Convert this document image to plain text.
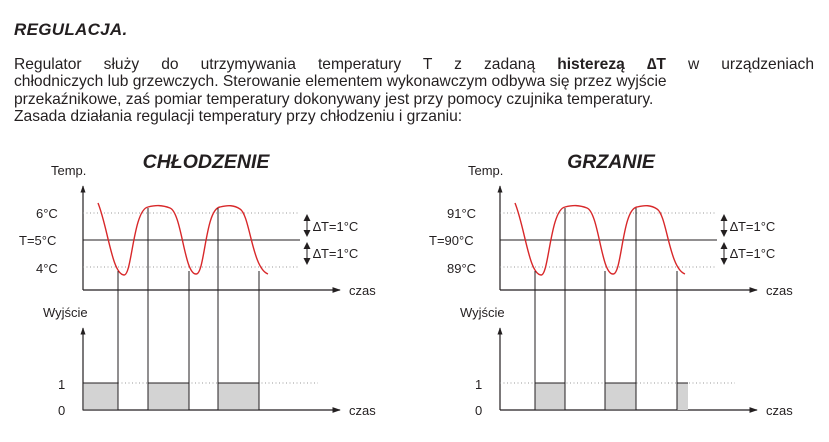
REGULACJA.
Regulator służy do utrzymywania temperatury T z zadaną histerezą ∆T w urządzeniach
chłodniczych lub grzewczych. Sterowanie elementem wykonawczym odbywa się przez wyjście
przekaźnikowe, zaś pomiar temperatury dokonywany jest przy pomocy czujnika temperatury.
Zasada działania regulacji temperatury przy chłodzeniu i grzaniu:
CHŁODZENIE
Temp.
czas
6°C
T=5°C
4°C
∆T=1°C
∆T=1°C
Wyjście
czas
1
0
GRZANIE
Temp.
czas
91°C
T=90°C
89°C
∆T=1°C
∆T=1°C
Wyjście
czas
1
0
